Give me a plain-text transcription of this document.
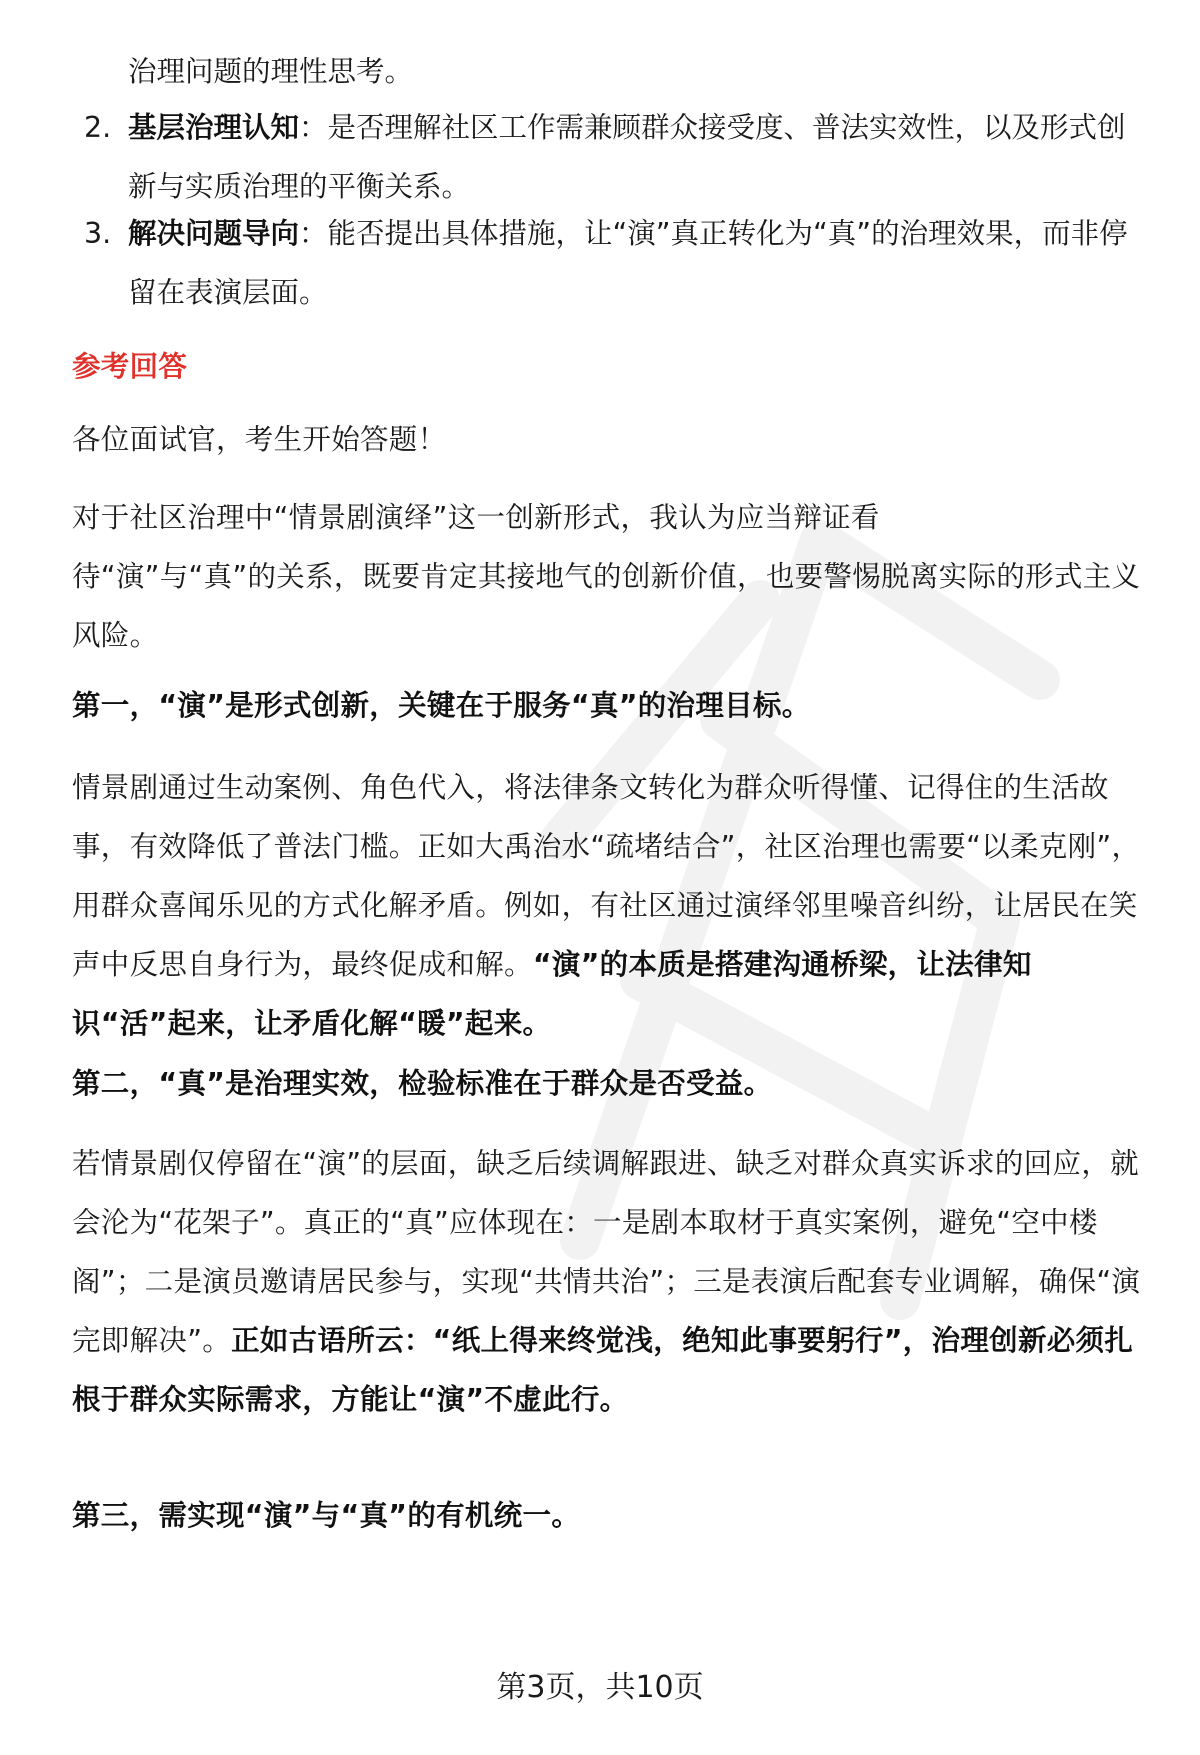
治理问题的理性思考。
2. 基层治理认知：是否理解社区工作需兼顾群众接受度、普法实效性，以及形式创新与实质治理的平衡关系。
3. 解决问题导向：能否提出具体措施，让“演”真正转化为“真”的治理效果，而非停留在表演层面。
参考回答
各位面试官，考生开始答题！
对于社区治理中“情景剧演绎”这一创新形式，我认为应当辩证看
待“演”与“真”的关系，既要肯定其接地气的创新价值，也要警惕脱离实际的形式主义风险。
第一，“演”是形式创新，关键在于服务“真”的治理目标。
情景剧通过生动案例、角色代入，将法律条文转化为群众听得懂、记得住的生活故事，有效降低了普法门槛。正如大禹治水“疏堵结合”，社区治理也需要“以柔克刚”，用群众喜闻乐见的方式化解矛盾。例如，有社区通过演绎邻里噪音纠纷，让居民在笑声中反思自身行为，最终促成和解。“演”的本质是搭建沟通桥梁，让法律知识“活”起来，让矛盾化解“暖”起来。
第二，“真”是治理实效，检验标准在于群众是否受益。
若情景剧仅停留在“演”的层面，缺乏后续调解跟进、缺乏对群众真实诉求的回应，就会沦为“花架子”。真正的“真”应体现在：一是剧本取材于真实案例，避免“空中楼阁”；二是演员邀请居民参与，实现“共情共治”；三是表演后配套专业调解，确保“演完即解决”。正如古语所云：“纸上得来终觉浅，绝知此事要躬行”，治理创新必须扎根于群众实际需求，方能让“演”不虚此行。
第三，需实现“演”与“真”的有机统一。
第3页，共10页
